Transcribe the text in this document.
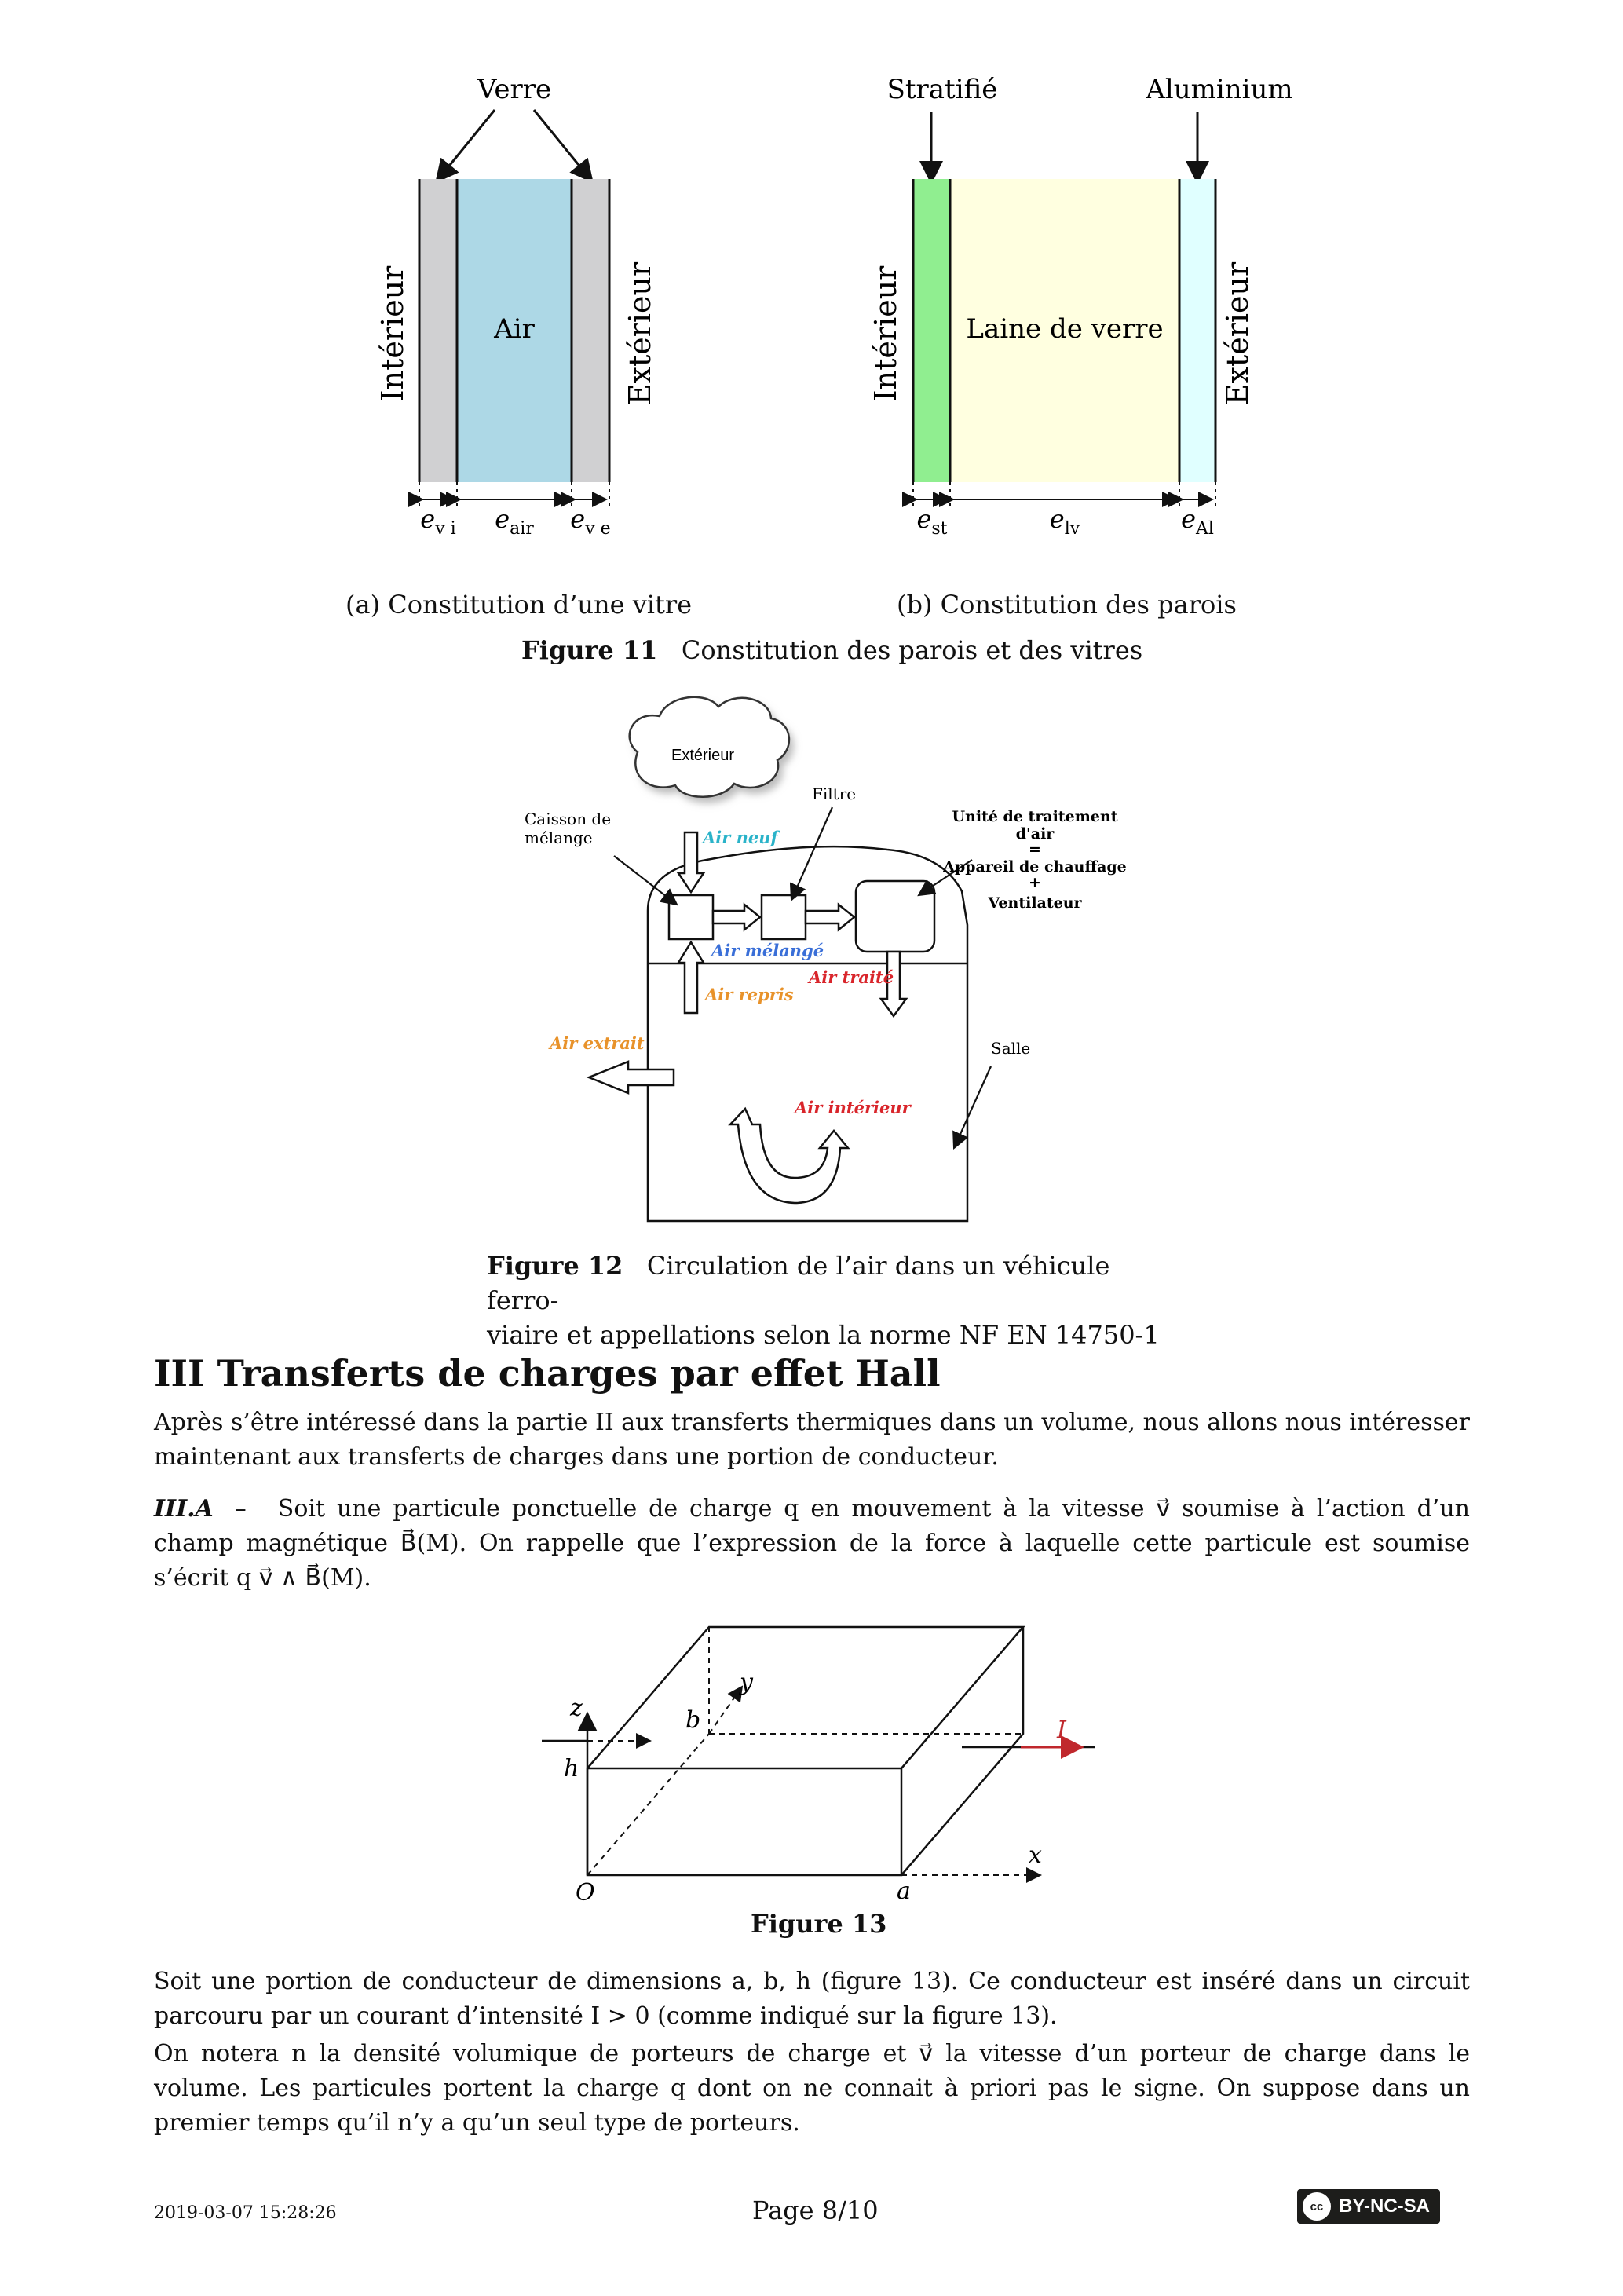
Verre
Air
Intérieur	Extérieur
$e_{v i}$ $e_{air}$ $e_{v e}$
Stratifié	Aluminium
Laine de verre
Intérieur	Extérieur
$e_{st}$	$e_{lv}$	$e_{Al}$
(a) Constitution d’une vitre	(b) Constitution des parois
Figure 11 Constitution des parois et des vitres
Extérieur
Filtre
Caisson de
mélange
Unité de traitement
d'air
=
Appareil de chauffage
+
Ventilateur
Salle
Air neuf
Air mélangé
Air traité
Air repris
Air extrait
Air intérieur
Figure 12 Circulation de l’air dans un véhicule ferro-
viaire et appellations selon la norme NF EN 14750-1
III Transferts de charges par effet Hall
Après s’être intéressé dans la partie II aux transferts thermiques dans un volume, nous allons nous intéresser maintenant aux transferts de charges dans une portion de conducteur.
III.A – Soit une particule ponctuelle de charge q en mouvement à la vitesse v⃗ soumise à l’action d’un champ magnétique B⃗(M). On rappelle que l’expression de la force à laquelle cette particule est soumise s’écrit q v⃗ ∧ B⃗(M).
z
y
x
O	a
b
h
I
Figure 13
Soit une portion de conducteur de dimensions a, b, h (figure 13). Ce conducteur est inséré dans un circuit parcouru par un courant d’intensité I > 0 (comme indiqué sur la figure 13).
On notera n la densité volumique de porteurs de charge et v⃗ la vitesse d’un porteur de charge dans le volume. Les particules portent la charge q dont on ne connait à priori pas le signe. On suppose dans un premier temps qu’il n’y a qu’un seul type de porteurs.
2019-03-07 15:28:26	Page 8/10	cc BY-NC-SA
